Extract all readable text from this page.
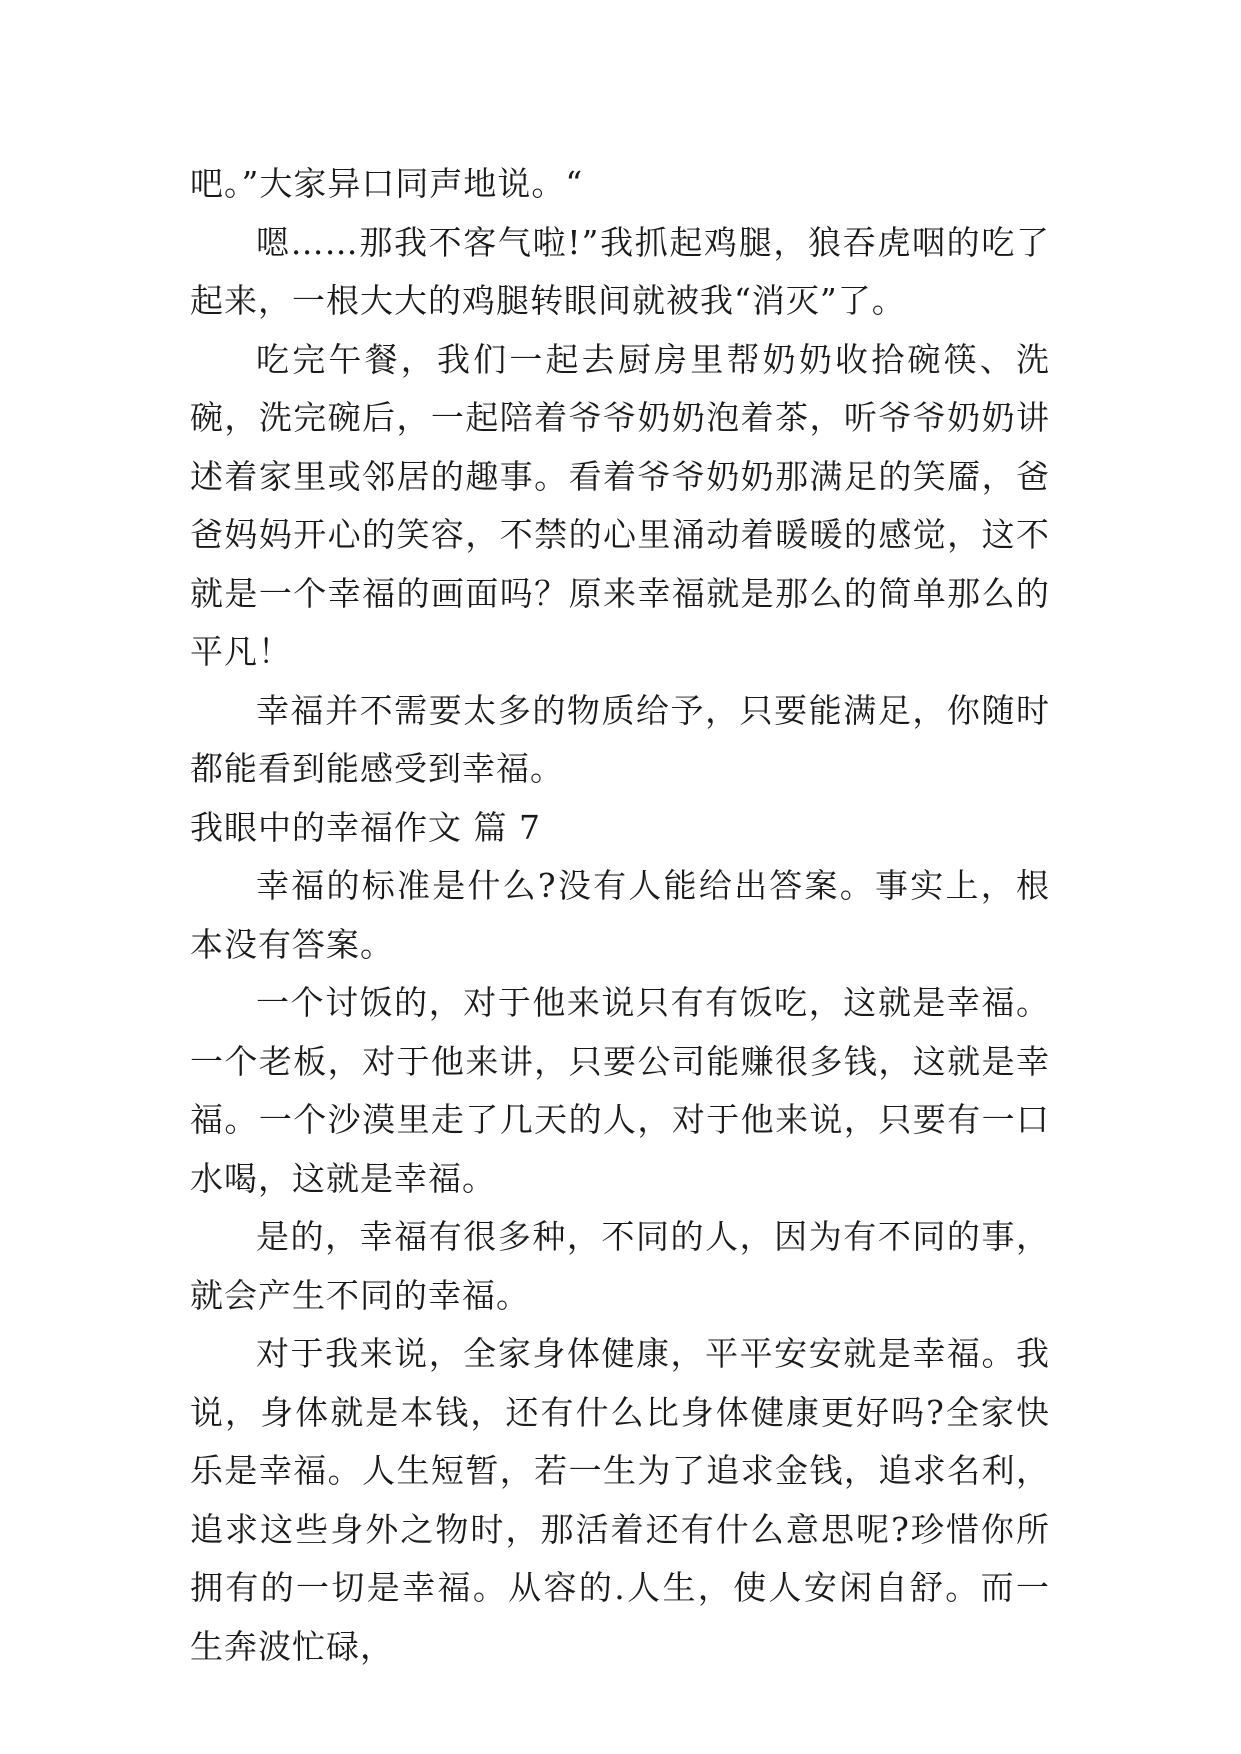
吧。”大家异口同声地说。“

嗯……那我不客气啦!”我抓起鸡腿，狼吞虎咽的吃了起来，一根大大的鸡腿转眼间就被我“消灭”了。

吃完午餐，我们一起去厨房里帮奶奶收拾碗筷、洗碗，洗完碗后，一起陪着爷爷奶奶泡着茶，听爷爷奶奶讲述着家里或邻居的趣事。看着爷爷奶奶那满足的笑靥，爸爸妈妈开心的笑容，不禁的心里涌动着暖暖的感觉，这不就是一个幸福的画面吗？原来幸福就是那么的简单那么的平凡！

幸福并不需要太多的物质给予，只要能满足，你随时都能看到能感受到幸福。

我眼中的幸福作文 篇 7

幸福的标准是什么?没有人能给出答案。事实上，根本没有答案。

一个讨饭的，对于他来说只有有饭吃，这就是幸福。一个老板，对于他来讲，只要公司能赚很多钱，这就是幸福。一个沙漠里走了几天的人，对于他来说，只要有一口水喝，这就是幸福。

是的，幸福有很多种，不同的人，因为有不同的事，就会产生不同的幸福。

对于我来说，全家身体健康，平平安安就是幸福。我说，身体就是本钱，还有什么比身体健康更好吗?全家快乐是幸福。人生短暂，若一生为了追求金钱，追求名利，追求这些身外之物时，那活着还有什么意思呢?珍惜你所拥有的一切是幸福。从容的.人生，使人安闲自舒。而一生奔波忙碌，
